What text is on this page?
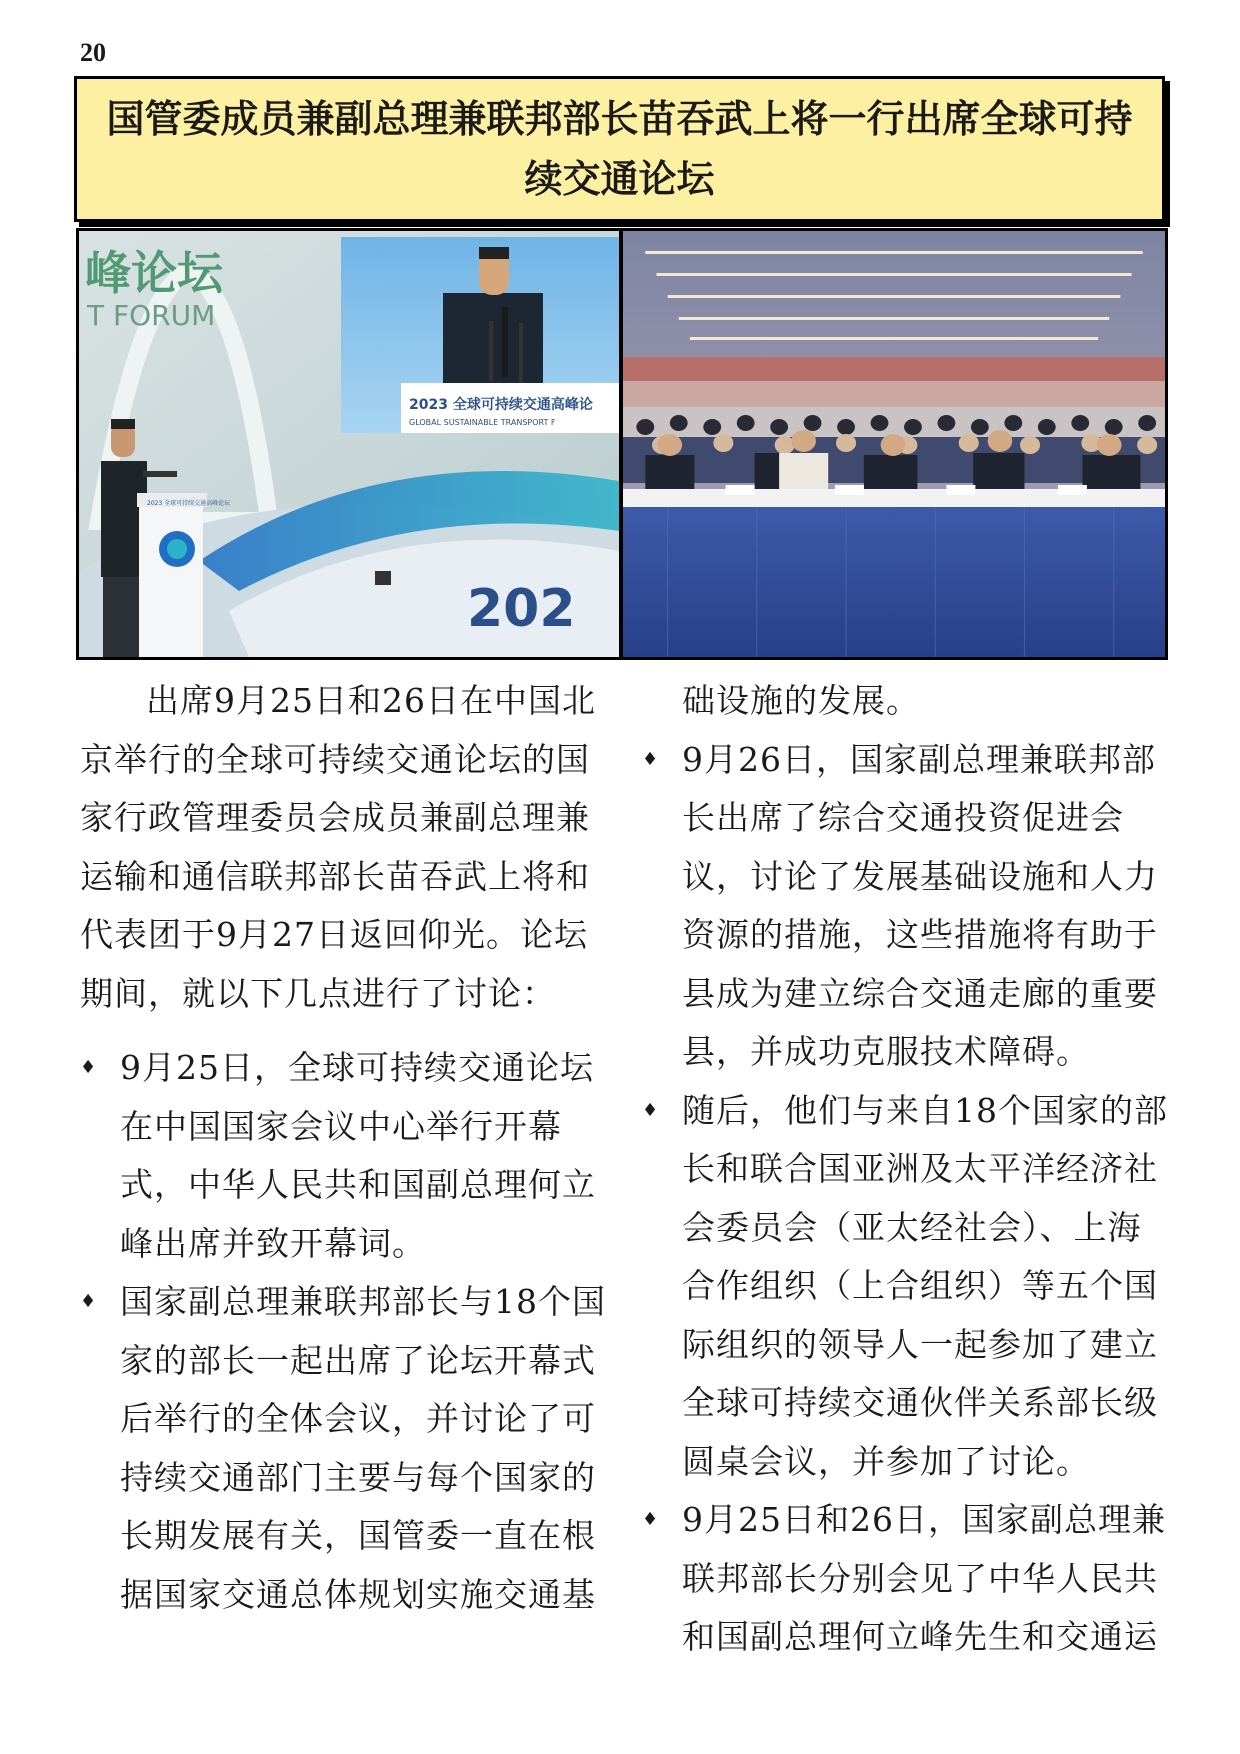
20
国管委成员兼副总理兼联邦部长苗吞武上将一行出席全球可持续交通论坛
峰论坛
T FORUM
202
2023 全球可持续交通高峰论
GLOBAL SUSTAINABLE TRANSPORT F
2023 全球可持续交通高峰论坛

出席9月25日和26日在中国北京举行的全球可持续交通论坛的国家行政管理委员会成员兼副总理兼运输和通信联邦部长苗吞武上将和代表团于9月27日返回仰光。论坛期间，就以下几点进行了讨论：

♦ 9月25日，全球可持续交通论坛在中国国家会议中心举行开幕式，中华人民共和国副总理何立峰出席并致开幕词。

♦ 国家副总理兼联邦部长与18个国家的部长一起出席了论坛开幕式后举行的全体会议，并讨论了可持续交通部门主要与每个国家的长期发展有关，国管委一直在根据国家交通总体规划实施交通基

础设施的发展。

♦ 9月26日，国家副总理兼联邦部长出席了综合交通投资促进会议，讨论了发展基础设施和人力资源的措施，这些措施将有助于县成为建立综合交通走廊的重要县，并成功克服技术障碍。

♦ 随后，他们与来自18个国家的部长和联合国亚洲及太平洋经济社会委员会（亚太经社会）、上海合作组织（上合组织）等五个国际组织的领导人一起参加了建立全球可持续交通伙伴关系部长级圆桌会议，并参加了讨论。

♦ 9月25日和26日，国家副总理兼联邦部长分别会见了中华人民共和国副总理何立峰先生和交通运
